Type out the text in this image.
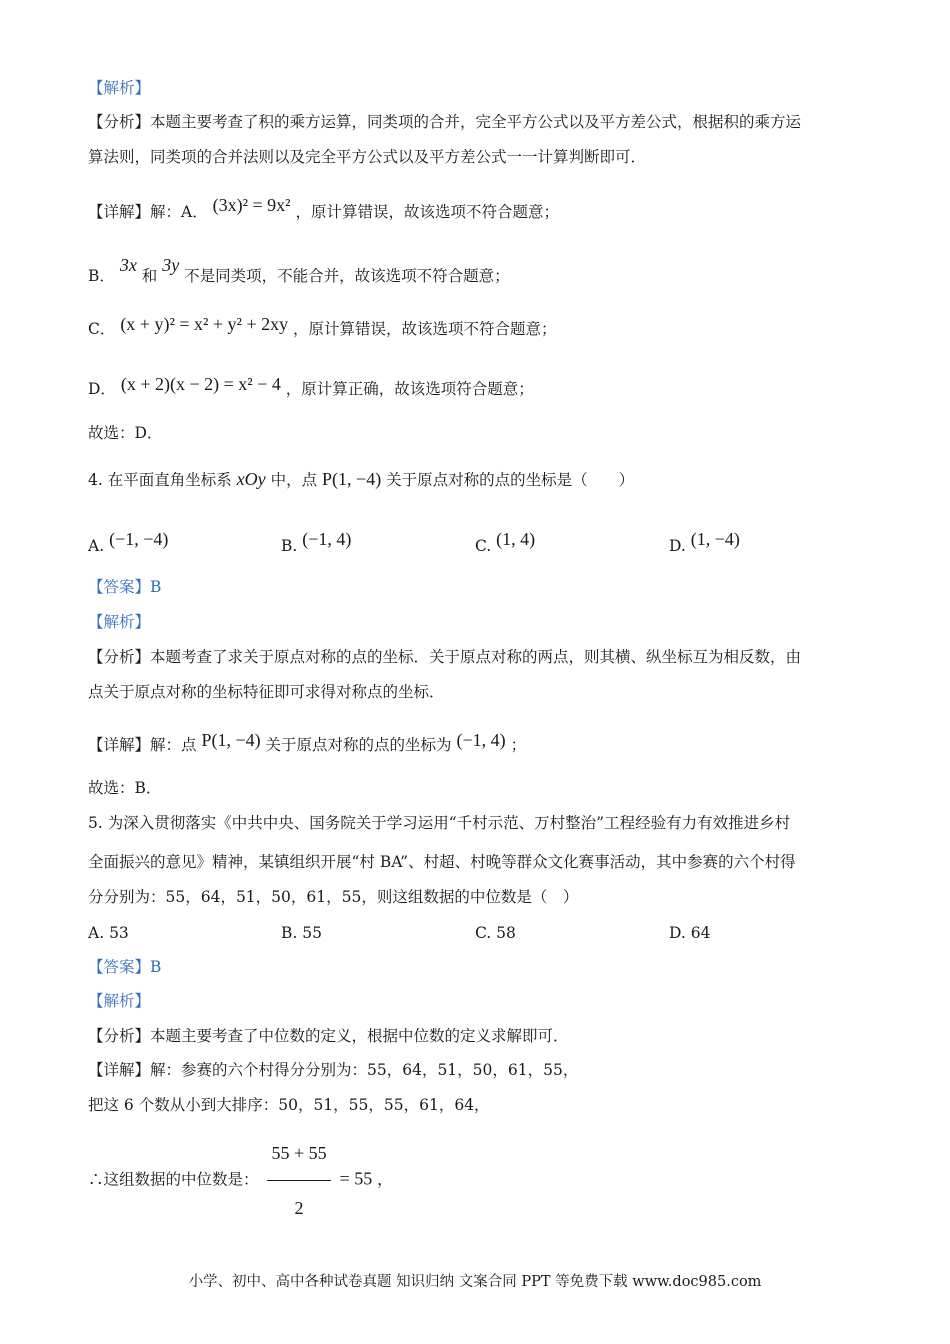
【解析】
【分析】本题主要考查了积的乘方运算，同类项的合并，完全平方公式以及平方差公式，根据积的乘方运
算法则，同类项的合并法则以及完全平方公式以及平方差公式一一计算判断即可．
【详解】解：A． (3x)² = 9x² ，原计算错误，故该选项不符合题意；
B． 3x 和 3y 不是同类项，不能合并，故该选项不符合题意；
C． (x + y)² = x² + y² + 2xy ，原计算错误，故该选项不符合题意；
D． (x + 2)(x − 2) = x² − 4 ，原计算正确，故该选项符合题意；
故选：D．
4. 在平面直角坐标系 xOy 中，点 P(1, −4) 关于原点对称的点的坐标是（　　）
A. (−1, −4)	B. (−1, 4)	C. (1, 4)	D. (1, −4)
【答案】B
【解析】
【分析】本题考查了求关于原点对称的点的坐标．关于原点对称的两点，则其横、纵坐标互为相反数，由
点关于原点对称的坐标特征即可求得对称点的坐标．
【详解】解：点 P(1, −4) 关于原点对称的点的坐标为 (−1, 4) ；
故选：B．
5. 为深入贯彻落实《中共中央、国务院关于学习运用“千村示范、万村整治”工程经验有力有效推进乡村
全面振兴的意见》精神，某镇组织开展“村 BA”、村超、村晚等群众文化赛事活动，其中参赛的六个村得
分分别为：55，64，51，50，61，55，则这组数据的中位数是（　）
A. 53	B. 55	C. 58	D. 64
【答案】B
【解析】
【分析】本题主要考查了中位数的定义，根据中位数的定义求解即可．
【详解】解：参赛的六个村得分分别为：55，64，51，50，61，55，
把这 6 个数从小到大排序：50，51，55，55，61，64，
∴这组数据的中位数是： $\frac{55 + 55}{2} = 55$ ，
小学、初中、高中各种试卷真题 知识归纳 文案合同 PPT 等免费下载 www.doc985.com
